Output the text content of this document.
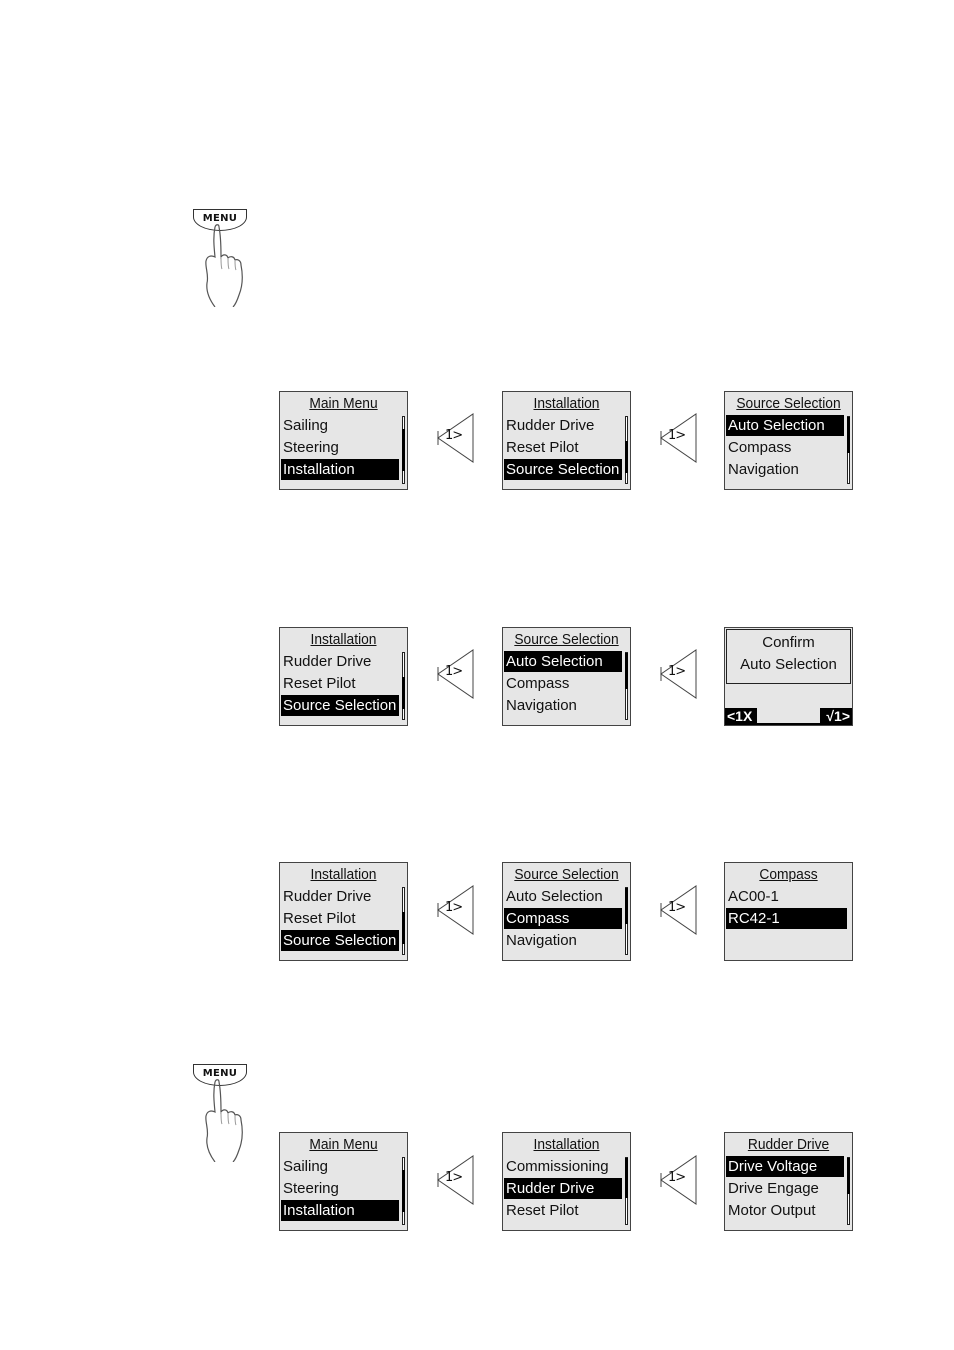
MENU
Main Menu
Sailing
Steering
Installation
1>
Installation
Rudder Drive
Reset Pilot
Source Selection
1>
Source Selection
Auto Selection
Compass
Navigation
Installation
Rudder Drive
Reset Pilot
Source Selection
1>
Source Selection
Auto Selection
Compass
Navigation
1>
Confirm
Auto Selection
<1X	√1>
Installation
Rudder Drive
Reset Pilot
Source Selection
1>
Source Selection
Auto Selection
Compass
Navigation
1>
Compass
AC00-1
RC42-1
MENU
Main Menu
Sailing
Steering
Installation
1>
Installation
Commissioning
Rudder Drive
Reset Pilot
1>
Rudder Drive
Drive Voltage
Drive Engage
Motor Output
